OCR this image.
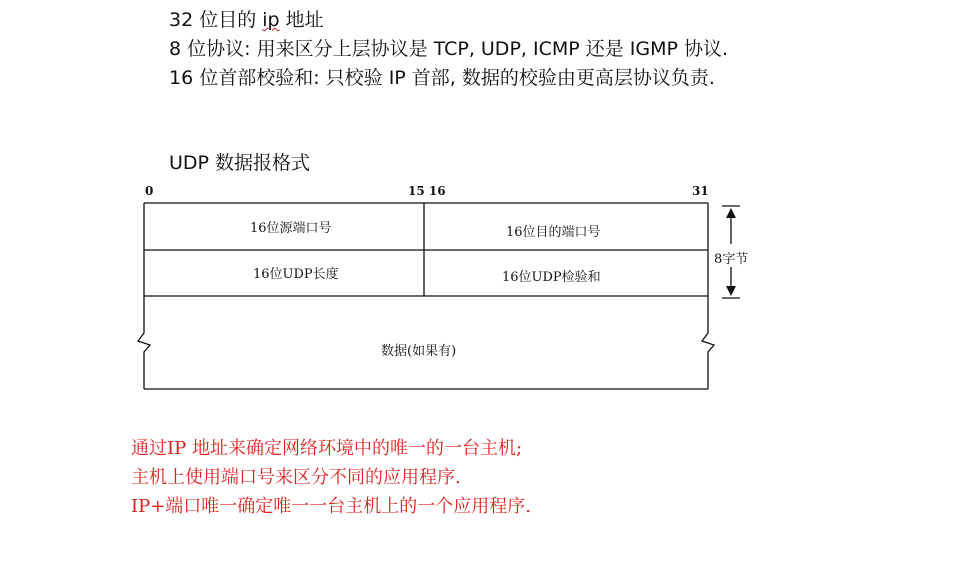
32 位目的 ip 地址
8 位协议: 用来区分上层协议是 TCP, UDP, ICMP 还是 IGMP 协议.
16 位首部校验和: 只校验 IP 首部, 数据的校验由更高层协议负责.
UDP 数据报格式
0	15 16	31
16位源端口号	16位目的端口号
16位UDP长度	16位UDP检验和
数据(如果有)
8字节
通过IP 地址来确定网络环境中的唯一的一台主机;
主机上使用端口号来区分不同的应用程序.
IP+端口唯一确定唯一一台主机上的一个应用程序.
